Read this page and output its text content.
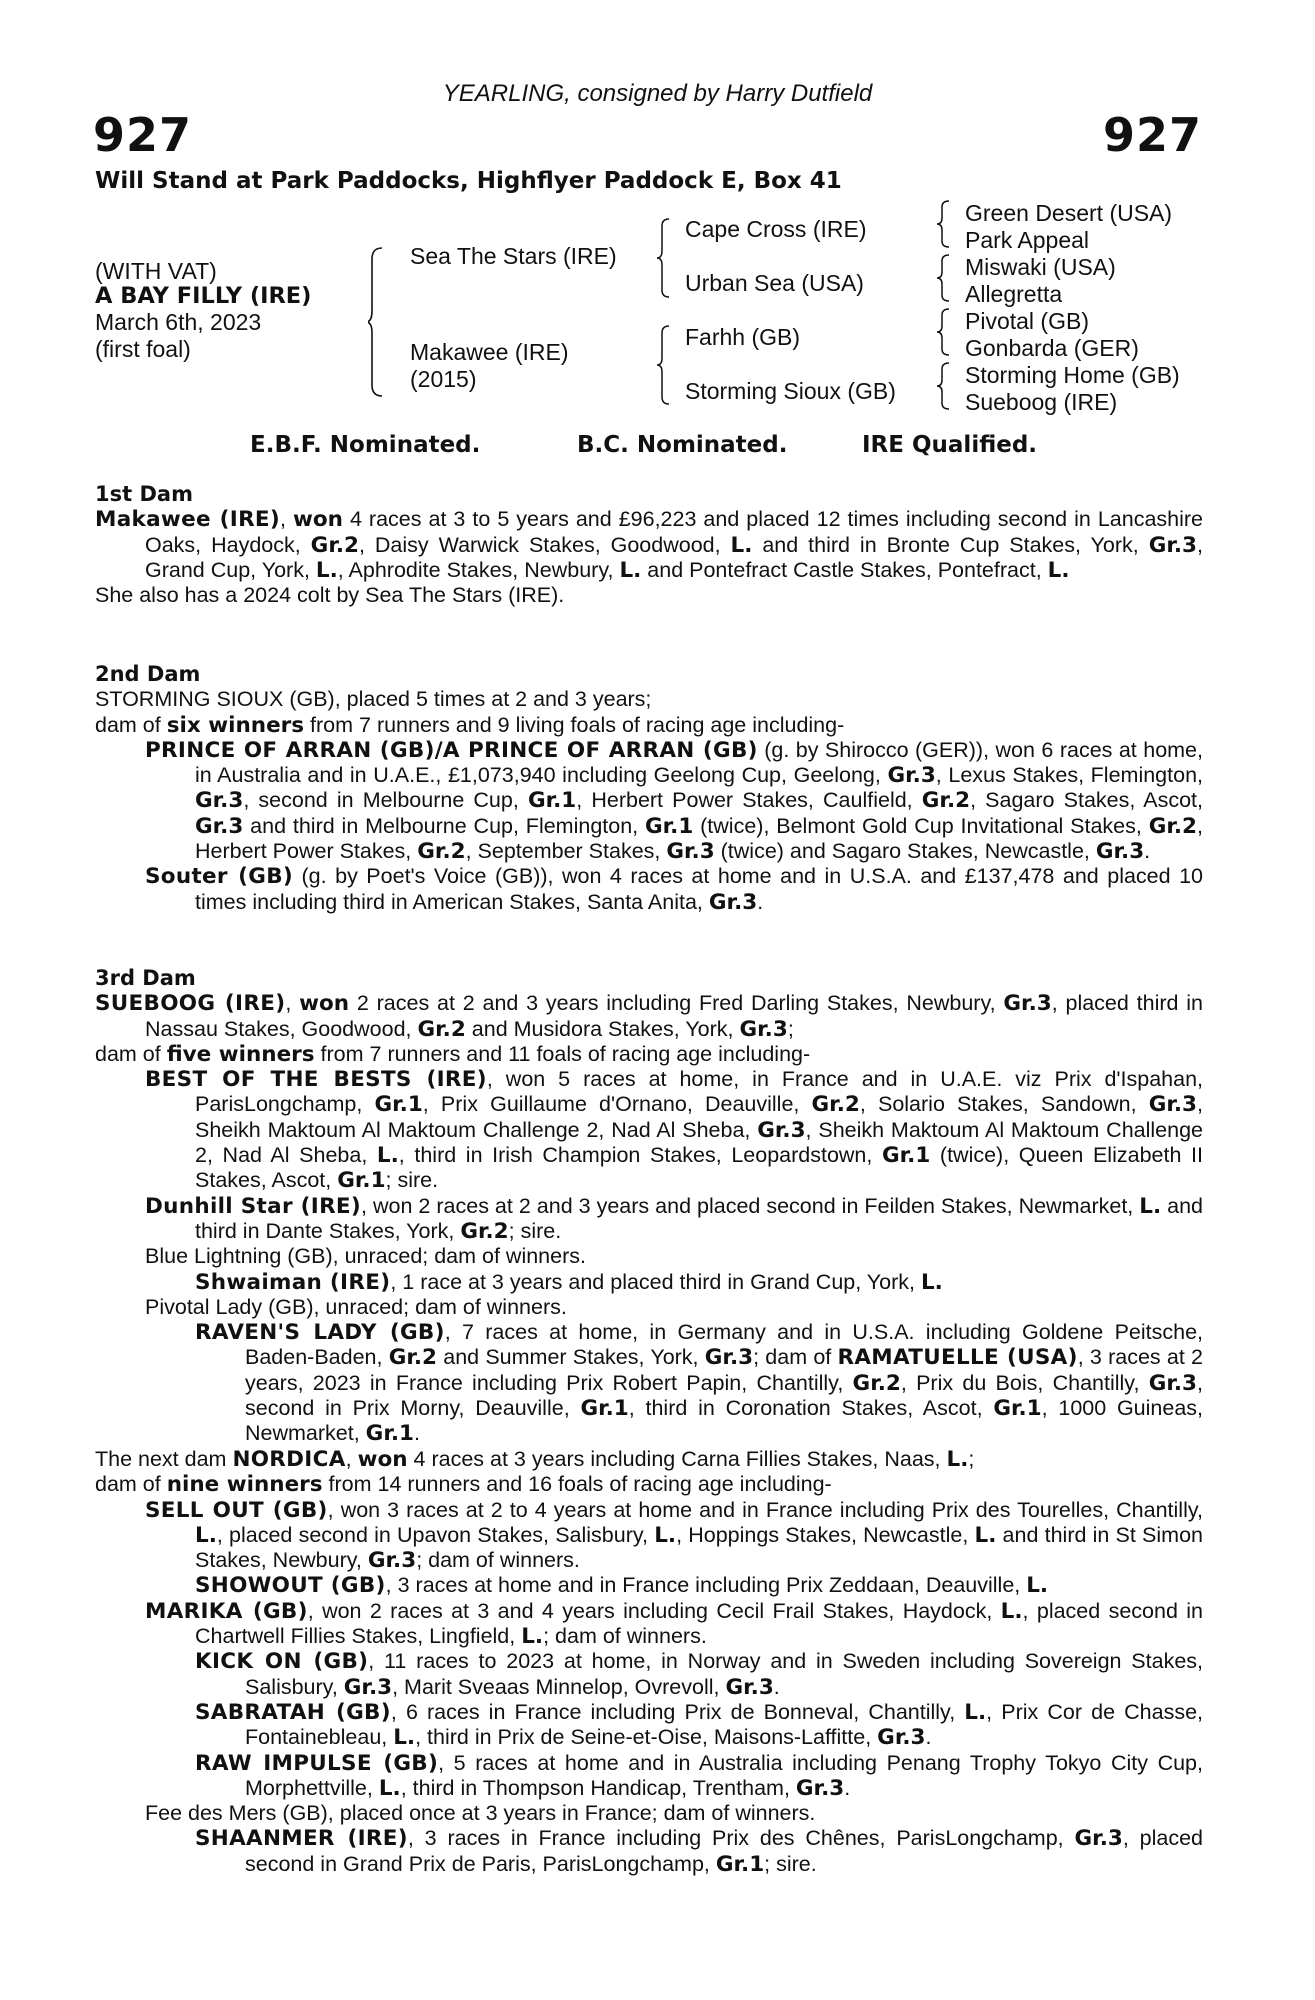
YEARLING, consigned by Harry Dutfield
927	927
Will Stand at Park Paddocks, Highflyer Paddock E, Box 41
(WITH VAT)
A BAY FILLY (IRE)
March 6th, 2023
(first foal)
Sea The Stars (IRE)
Makawee (IRE)
(2015)
Cape Cross (IRE)
Urban Sea (USA)
Farhh (GB)
Storming Sioux (GB)
Green Desert (USA)
Park Appeal
Miswaki (USA)
Allegretta
Pivotal (GB)
Gonbarda (GER)
Storming Home (GB)
Sueboog (IRE)
E.B.F. Nominated.	B.C. Nominated.	IRE Qualified.
1st Dam

Makawee (IRE), won 4 races at 3 to 5 years and £96,223 and placed 12 times including second in Lancashire Oaks, Haydock, Gr.2, Daisy Warwick Stakes, Goodwood, L. and third in Bronte Cup Stakes, York, Gr.3, Grand Cup, York, L., Aphrodite Stakes, Newbury, L. and Pontefract Castle Stakes, Pontefract, L.

She also has a 2024 colt by Sea The Stars (IRE).

2nd Dam

STORMING SIOUX (GB), placed 5 times at 2 and 3 years;

dam of six winners from 7 runners and 9 living foals of racing age including-

PRINCE OF ARRAN (GB)/A PRINCE OF ARRAN (GB) (g. by Shirocco (GER)), won 6 races at home, in Australia and in U.A.E., £1,073,940 including Geelong Cup, Geelong, Gr.3, Lexus Stakes, Flemington, Gr.3, second in Melbourne Cup, Gr.1, Herbert Power Stakes, Caulfield, Gr.2, Sagaro Stakes, Ascot, Gr.3 and third in Melbourne Cup, Flemington, Gr.1 (twice), Belmont Gold Cup Invitational Stakes, Gr.2, Herbert Power Stakes, Gr.2, September Stakes, Gr.3 (twice) and Sagaro Stakes, Newcastle, Gr.3.

Souter (GB) (g. by Poet's Voice (GB)), won 4 races at home and in U.S.A. and £137,478 and placed 10 times including third in American Stakes, Santa Anita, Gr.3.

3rd Dam

SUEBOOG (IRE), won 2 races at 2 and 3 years including Fred Darling Stakes, Newbury, Gr.3, placed third in Nassau Stakes, Goodwood, Gr.2 and Musidora Stakes, York, Gr.3;

dam of five winners from 7 runners and 11 foals of racing age including-

BEST OF THE BESTS (IRE), won 5 races at home, in France and in U.A.E. viz Prix d'Ispahan, ParisLongchamp, Gr.1, Prix Guillaume d'Ornano, Deauville, Gr.2, Solario Stakes, Sandown, Gr.3, Sheikh Maktoum Al Maktoum Challenge 2, Nad Al Sheba, Gr.3, Sheikh Maktoum Al Maktoum Challenge 2, Nad Al Sheba, L., third in Irish Champion Stakes, Leopardstown, Gr.1 (twice), Queen Elizabeth II Stakes, Ascot, Gr.1; sire.

Dunhill Star (IRE), won 2 races at 2 and 3 years and placed second in Feilden Stakes, Newmarket, L. and third in Dante Stakes, York, Gr.2; sire.

Blue Lightning (GB), unraced; dam of winners.

Shwaiman (IRE), 1 race at 3 years and placed third in Grand Cup, York, L.

Pivotal Lady (GB), unraced; dam of winners.

RAVEN'S LADY (GB), 7 races at home, in Germany and in U.S.A. including Goldene Peitsche, Baden-Baden, Gr.2 and Summer Stakes, York, Gr.3; dam of RAMATUELLE (USA), 3 races at 2 years, 2023 in France including Prix Robert Papin, Chantilly, Gr.2, Prix du Bois, Chantilly, Gr.3, second in Prix Morny, Deauville, Gr.1, third in Coronation Stakes, Ascot, Gr.1, 1000 Guineas, Newmarket, Gr.1.

The next dam NORDICA, won 4 races at 3 years including Carna Fillies Stakes, Naas, L.;

dam of nine winners from 14 runners and 16 foals of racing age including-

SELL OUT (GB), won 3 races at 2 to 4 years at home and in France including Prix des Tourelles, Chantilly, L., placed second in Upavon Stakes, Salisbury, L., Hoppings Stakes, Newcastle, L. and third in St Simon Stakes, Newbury, Gr.3; dam of winners.

SHOWOUT (GB), 3 races at home and in France including Prix Zeddaan, Deauville, L.

MARIKA (GB), won 2 races at 3 and 4 years including Cecil Frail Stakes, Haydock, L., placed second in Chartwell Fillies Stakes, Lingfield, L.; dam of winners.

KICK ON (GB), 11 races to 2023 at home, in Norway and in Sweden including Sovereign Stakes, Salisbury, Gr.3, Marit Sveaas Minnelop, Ovrevoll, Gr.3.

SABRATAH (GB), 6 races in France including Prix de Bonneval, Chantilly, L., Prix Cor de Chasse, Fontainebleau, L., third in Prix de Seine-et-Oise, Maisons-Laffitte, Gr.3.

RAW IMPULSE (GB), 5 races at home and in Australia including Penang Trophy Tokyo City Cup, Morphettville, L., third in Thompson Handicap, Trentham, Gr.3.

Fee des Mers (GB), placed once at 3 years in France; dam of winners.

SHAANMER (IRE), 3 races in France including Prix des Chênes, ParisLongchamp, Gr.3, placed second in Grand Prix de Paris, ParisLongchamp, Gr.1; sire.
